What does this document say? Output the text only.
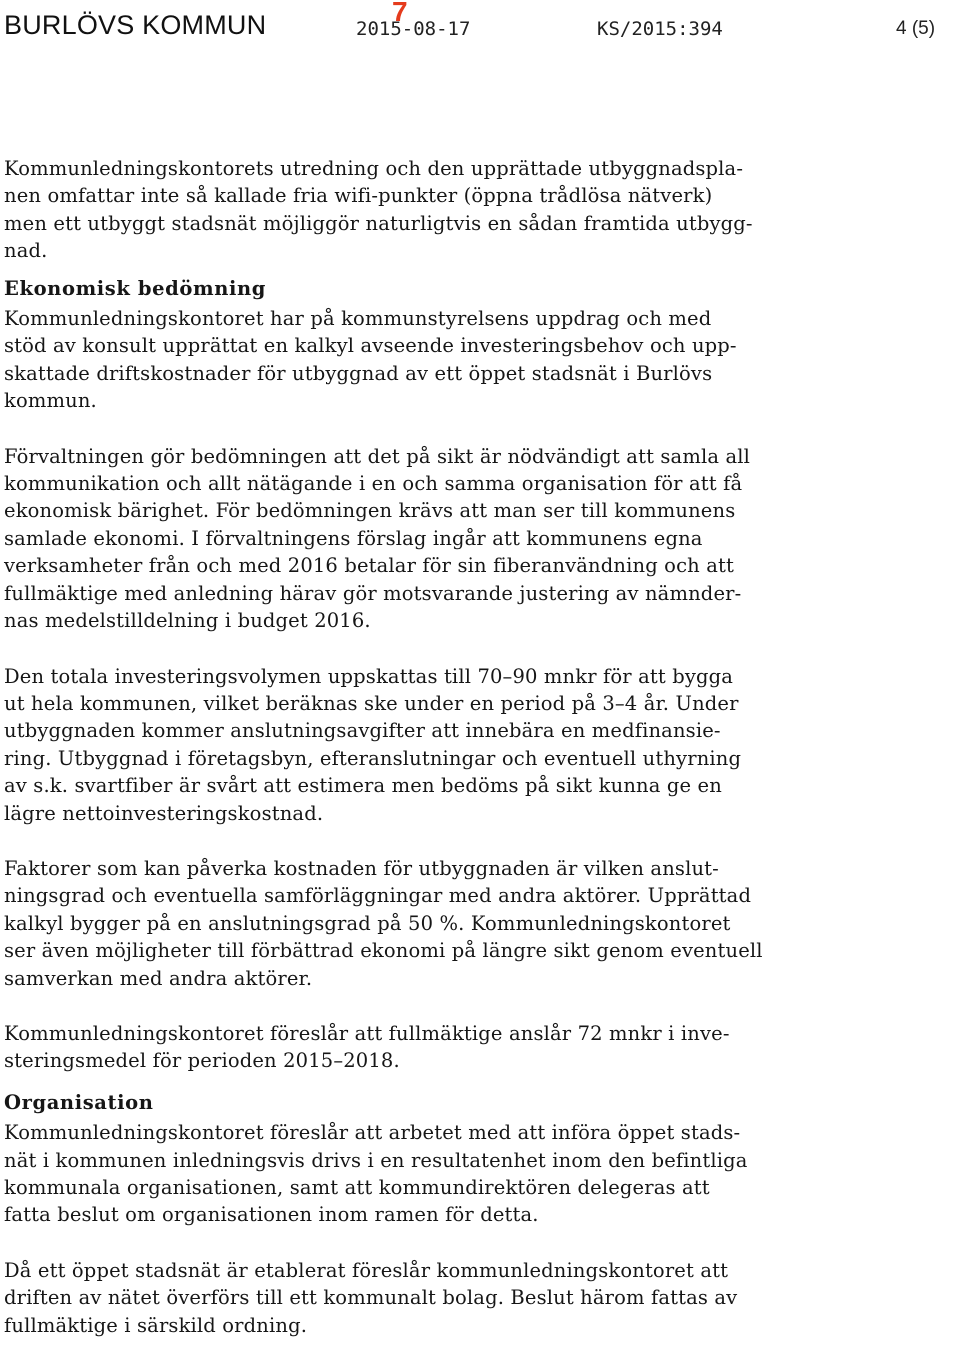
BURLÖVS KOMMUN	7
2015-08-17	KS/2015:394	4 (5)

Kommunledningskontorets utredning och den upprättade utbyggnadspla-
nen omfattar inte så kallade fria wifi-punkter (öppna trådlösa nätverk)
men ett utbyggt stadsnät möjliggör naturligtvis en sådan framtida utbygg-
nad.

Ekonomisk bedömning

Kommunledningskontoret har på kommunstyrelsens uppdrag och med
stöd av konsult upprättat en kalkyl avseende investeringsbehov och upp-
skattade driftskostnader för utbyggnad av ett öppet stadsnät i Burlövs
kommun.

Förvaltningen gör bedömningen att det på sikt är nödvändigt att samla all
kommunikation och allt nätägande i en och samma organisation för att få
ekonomisk bärighet. För bedömningen krävs att man ser till kommunens
samlade ekonomi. I förvaltningens förslag ingår att kommunens egna
verksamheter från och med 2016 betalar för sin fiberanvändning och att
fullmäktige med anledning härav gör motsvarande justering av nämnder-
nas medelstilldelning i budget 2016.

Den totala investeringsvolymen uppskattas till 70–90 mnkr för att bygga
ut hela kommunen, vilket beräknas ske under en period på 3–4 år. Under
utbyggnaden kommer anslutningsavgifter att innebära en medfinansie-
ring. Utbyggnad i företagsbyn, efteranslutningar och eventuell uthyrning
av s.k. svartfiber är svårt att estimera men bedöms på sikt kunna ge en
lägre nettoinvesteringskostnad.

Faktorer som kan påverka kostnaden för utbyggnaden är vilken anslut-
ningsgrad och eventuella samförläggningar med andra aktörer. Upprättad
kalkyl bygger på en anslutningsgrad på 50 %. Kommunledningskontoret
ser även möjligheter till förbättrad ekonomi på längre sikt genom eventuell
samverkan med andra aktörer.

Kommunledningskontoret föreslår att fullmäktige anslår 72 mnkr i inve-
steringsmedel för perioden 2015–2018.

Organisation

Kommunledningskontoret föreslår att arbetet med att införa öppet stads-
nät i kommunen inledningsvis drivs i en resultatenhet inom den befintliga
kommunala organisationen, samt att kommundirektören delegeras att
fatta beslut om organisationen inom ramen för detta.

Då ett öppet stadsnät är etablerat föreslår kommunledningskontoret att
driften av nätet överförs till ett kommunalt bolag. Beslut härom fattas av
fullmäktige i särskild ordning.
